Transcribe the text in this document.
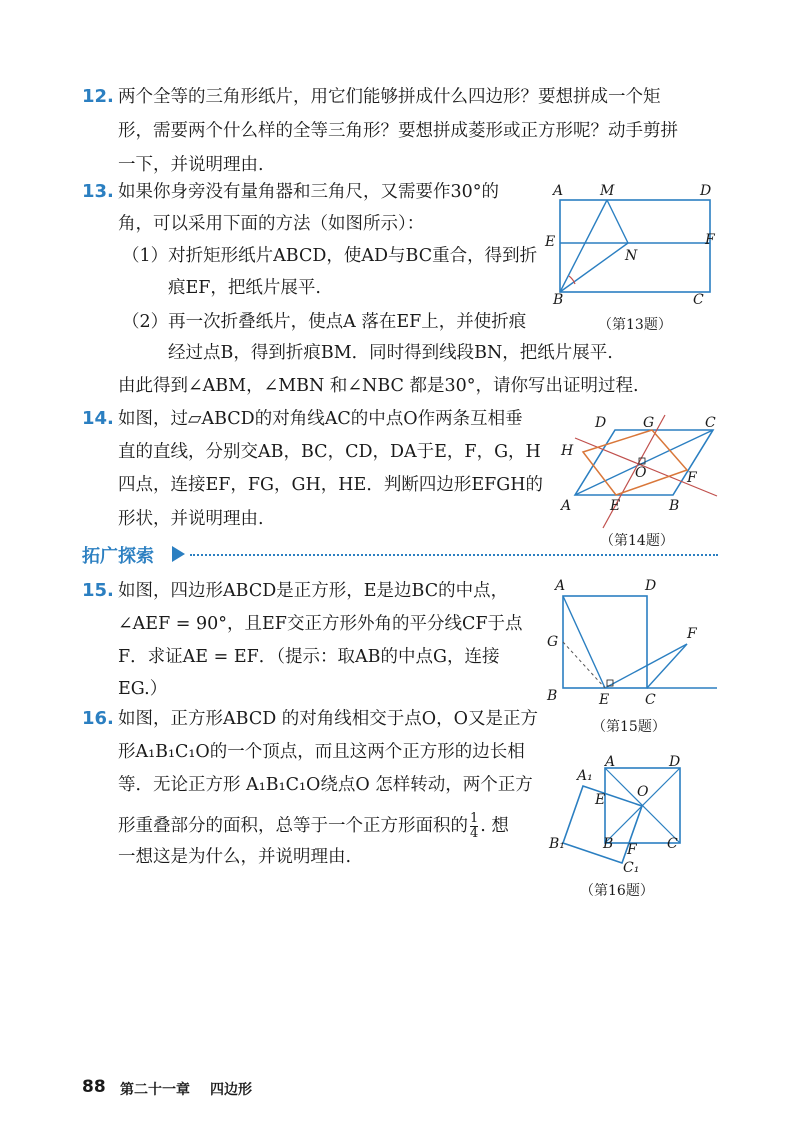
12. 两个全等的三角形纸片，用它们能够拼成什么四边形？要想拼成一个矩
形，需要两个什么样的全等三角形？要想拼成菱形或正方形呢？动手剪拼
一下，并说明理由.
13. 如果你身旁没有量角器和三角尺，又需要作30°的
角，可以采用下面的方法（如图所示）：
（1）对折矩形纸片ABCD，使AD与BC重合，得到折
痕EF，把纸片展平.
（2）再一次折叠纸片，使点A 落在EF上，并使折痕
经过点B，得到折痕BM．同时得到线段BN，把纸片展平.
由此得到∠ABM，∠MBN 和∠NBC 都是30°，请你写出证明过程.
A	M	D
E	F
N
B	C
（第13题）
14. 如图，过▱ABCD的对角线AC的中点O作两条互相垂
直的直线，分别交AB，BC，CD，DA于E，F，G，H
四点，连接EF，FG，GH，HE．判断四边形EFGH的
形状，并说明理由.
D	G	C
H
O	F
A	E	B
（第14题）
拓广探索
15. 如图，四边形ABCD是正方形，E是边BC的中点，
∠AEF = 90°，且EF交正方形外角的平分线CF于点
F．求证AE = EF．（提示：取AB的中点G，连接
EG.）
A	D
G	F
B	E	C
（第15题）
16. 如图，正方形ABCD 的对角线相交于点O，O又是正方
形A₁B₁C₁O的一个顶点，而且这两个正方形的边长相
等．无论正方形 A₁B₁C₁O绕点O 怎样转动，两个正方
形重叠部分的面积，总等于一个正方形面积的 $\frac{1}{4}$ . 想
一想这是为什么，并说明理由.
A₁
A	D
E O
B₁	B F C
C₁
（第16题）
88 第二十一章 四边形
